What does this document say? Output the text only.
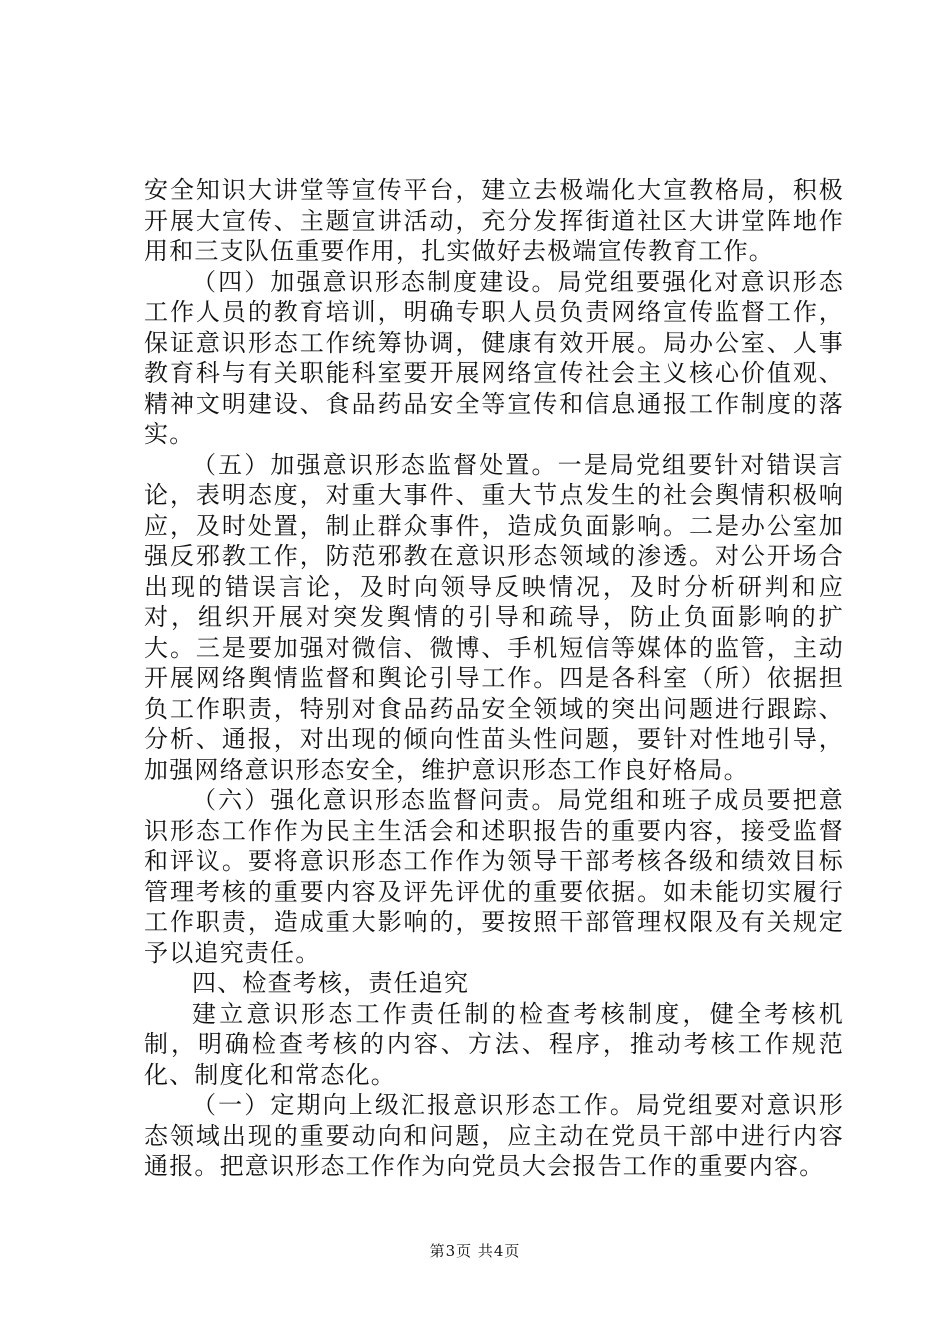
安全知识大讲堂等宣传平台，建立去极端化大宣教格局，积极开展大宣传、主题宣讲活动，充分发挥街道社区大讲堂阵地作用和三支队伍重要作用，扎实做好去极端宣传教育工作。

（四）加强意识形态制度建设。局党组要强化对意识形态工作人员的教育培训，明确专职人员负责网络宣传监督工作，保证意识形态工作统筹协调，健康有效开展。局办公室、人事教育科与有关职能科室要开展网络宣传社会主义核心价值观、精神文明建设、食品药品安全等宣传和信息通报工作制度的落实。

（五）加强意识形态监督处置。一是局党组要针对错误言论，表明态度，对重大事件、重大节点发生的社会舆情积极响应，及时处置，制止群众事件，造成负面影响。二是办公室加强反邪教工作，防范邪教在意识形态领域的渗透。对公开场合出现的错误言论，及时向领导反映情况，及时分析研判和应对，组织开展对突发舆情的引导和疏导，防止负面影响的扩大。三是要加强对微信、微博、手机短信等媒体的监管，主动开展网络舆情监督和舆论引导工作。四是各科室（所）依据担负工作职责，特别对食品药品安全领域的突出问题进行跟踪、分析、通报，对出现的倾向性苗头性问题，要针对性地引导，加强网络意识形态安全，维护意识形态工作良好格局。

（六）强化意识形态监督问责。局党组和班子成员要把意识形态工作作为民主生活会和述职报告的重要内容，接受监督和评议。要将意识形态工作作为领导干部考核各级和绩效目标管理考核的重要内容及评先评优的重要依据。如未能切实履行工作职责，造成重大影响的，要按照干部管理权限及有关规定予以追究责任。

四、检查考核，责任追究

建立意识形态工作责任制的检查考核制度，健全考核机制，明确检查考核的内容、方法、程序，推动考核工作规范化、制度化和常态化。

（一）定期向上级汇报意识形态工作。局党组要对意识形态领域出现的重要动向和问题，应主动在党员干部中进行内容通报。把意识形态工作作为向党员大会报告工作的重要内容。

第3页 共4页
